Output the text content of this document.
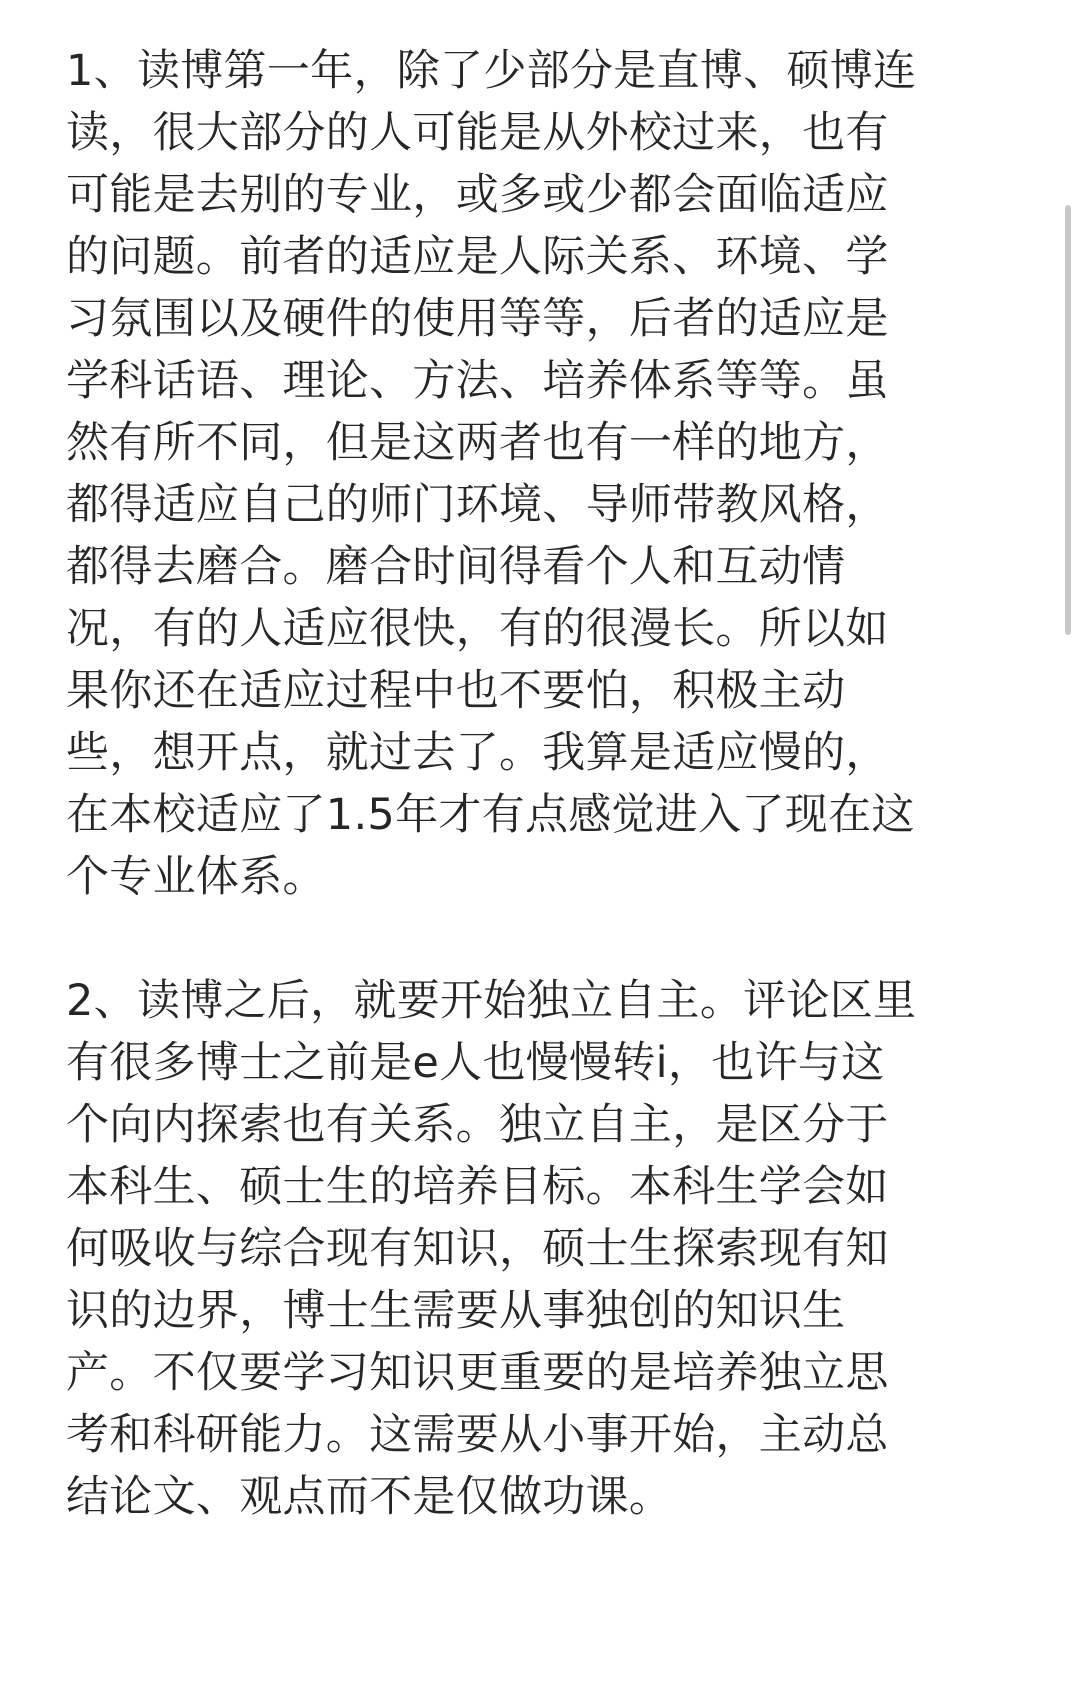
1、读博第一年，除了少部分是直博、硕博连
读，很大部分的人可能是从外校过来，也有
可能是去别的专业，或多或少都会面临适应
的问题。前者的适应是人际关系、环境、学
习氛围以及硬件的使用等等，后者的适应是
学科话语、理论、方法、培养体系等等。虽
然有所不同，但是这两者也有一样的地方，
都得适应自己的师门环境、导师带教风格，
都得去磨合。磨合时间得看个人和互动情
况，有的人适应很快，有的很漫长。所以如
果你还在适应过程中也不要怕，积极主动
些，想开点，就过去了。我算是适应慢的，
在本校适应了1.5年才有点感觉进入了现在这
个专业体系。
2、读博之后，就要开始独立自主。评论区里
有很多博士之前是e人也慢慢转i，也许与这
个向内探索也有关系。独立自主，是区分于
本科生、硕士生的培养目标。本科生学会如
何吸收与综合现有知识，硕士生探索现有知
识的边界，博士生需要从事独创的知识生
产。不仅要学习知识更重要的是培养独立思
考和科研能力。这需要从小事开始，主动总
结论文、观点而不是仅做功课。
